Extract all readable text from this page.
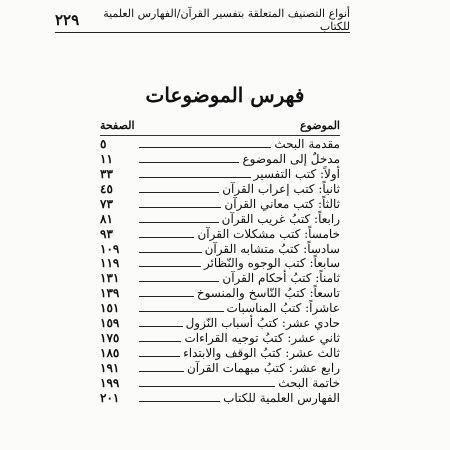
أنواع التصنيف المتعلقة بتفسير القرآن/الفهارس العلمية للكتاب
٢٢٩
فهرس الموضوعات
الموضوع
الصفحة
مقدمة البحث
٥
مدخلٌ إلى الموضوع
١١
أولاً: كتب التفسير
٣٣
ثانياً: كتب إعراب القرآن
٤٥
ثالثاً: كتب معاني القرآن
٧٣
رابعاً: كتبُ غريب القرآن
٨١
خامساً: كتب مشكلات القرآن
٩٣
سادساً: كتبُ متشابه القرآن
١٠٩
سابعاً: كتب الوجوه والنّظائر
١١٩
ثامناً: كتبُ أحكام القرآن
١٣١
تاسعاً: كتبُ النّاسخ والمنسوخ
١٣٩
عاشراً: كتبُ المناسبات
١٥١
حادي عشر: كتبُ أسباب النّزول
١٥٩
ثاني عشر: كتبُ توجيه القراءات
١٧٥
ثالث عشر: كتبُ الوقف والابتداء
١٨٥
رابع عشر: كتبُ مبهمات القرآن
١٩١
خاتمة البحث
١٩٩
الفهارس العلمية للكتاب
٢٠١
